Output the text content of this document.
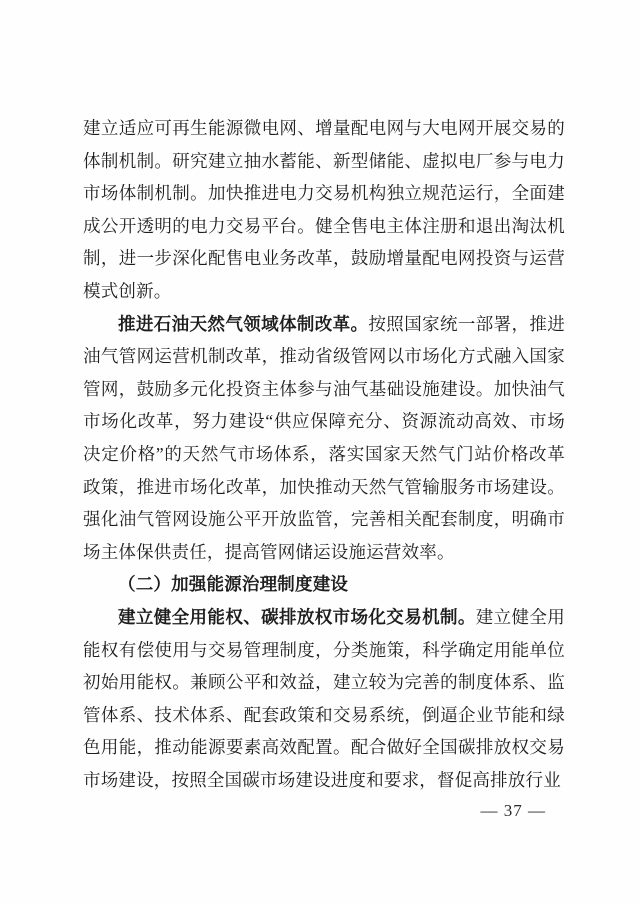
建立适应可再生能源微电网、增量配电网与大电网开展交易的体制机制。研究建立抽水蓄能、新型储能、虚拟电厂参与电力市场体制机制。加快推进电力交易机构独立规范运行，全面建成公开透明的电力交易平台。健全售电主体注册和退出淘汰机制，进一步深化配售电业务改革，鼓励增量配电网投资与运营模式创新。

推进石油天然气领域体制改革。按照国家统一部署，推进油气管网运营机制改革，推动省级管网以市场化方式融入国家管网，鼓励多元化投资主体参与油气基础设施建设。加快油气市场化改革，努力建设“供应保障充分、资源流动高效、市场决定价格”的天然气市场体系，落实国家天然气门站价格改革政策，推进市场化改革，加快推动天然气管输服务市场建设。强化油气管网设施公平开放监管，完善相关配套制度，明确市场主体保供责任，提高管网储运设施运营效率。

（二）加强能源治理制度建设

建立健全用能权、碳排放权市场化交易机制。建立健全用能权有偿使用与交易管理制度，分类施策，科学确定用能单位初始用能权。兼顾公平和效益，建立较为完善的制度体系、监管体系、技术体系、配套政策和交易系统，倒逼企业节能和绿色用能，推动能源要素高效配置。配合做好全国碳排放权交易市场建设，按照全国碳市场建设进度和要求，督促高排放行业

— 37 —
